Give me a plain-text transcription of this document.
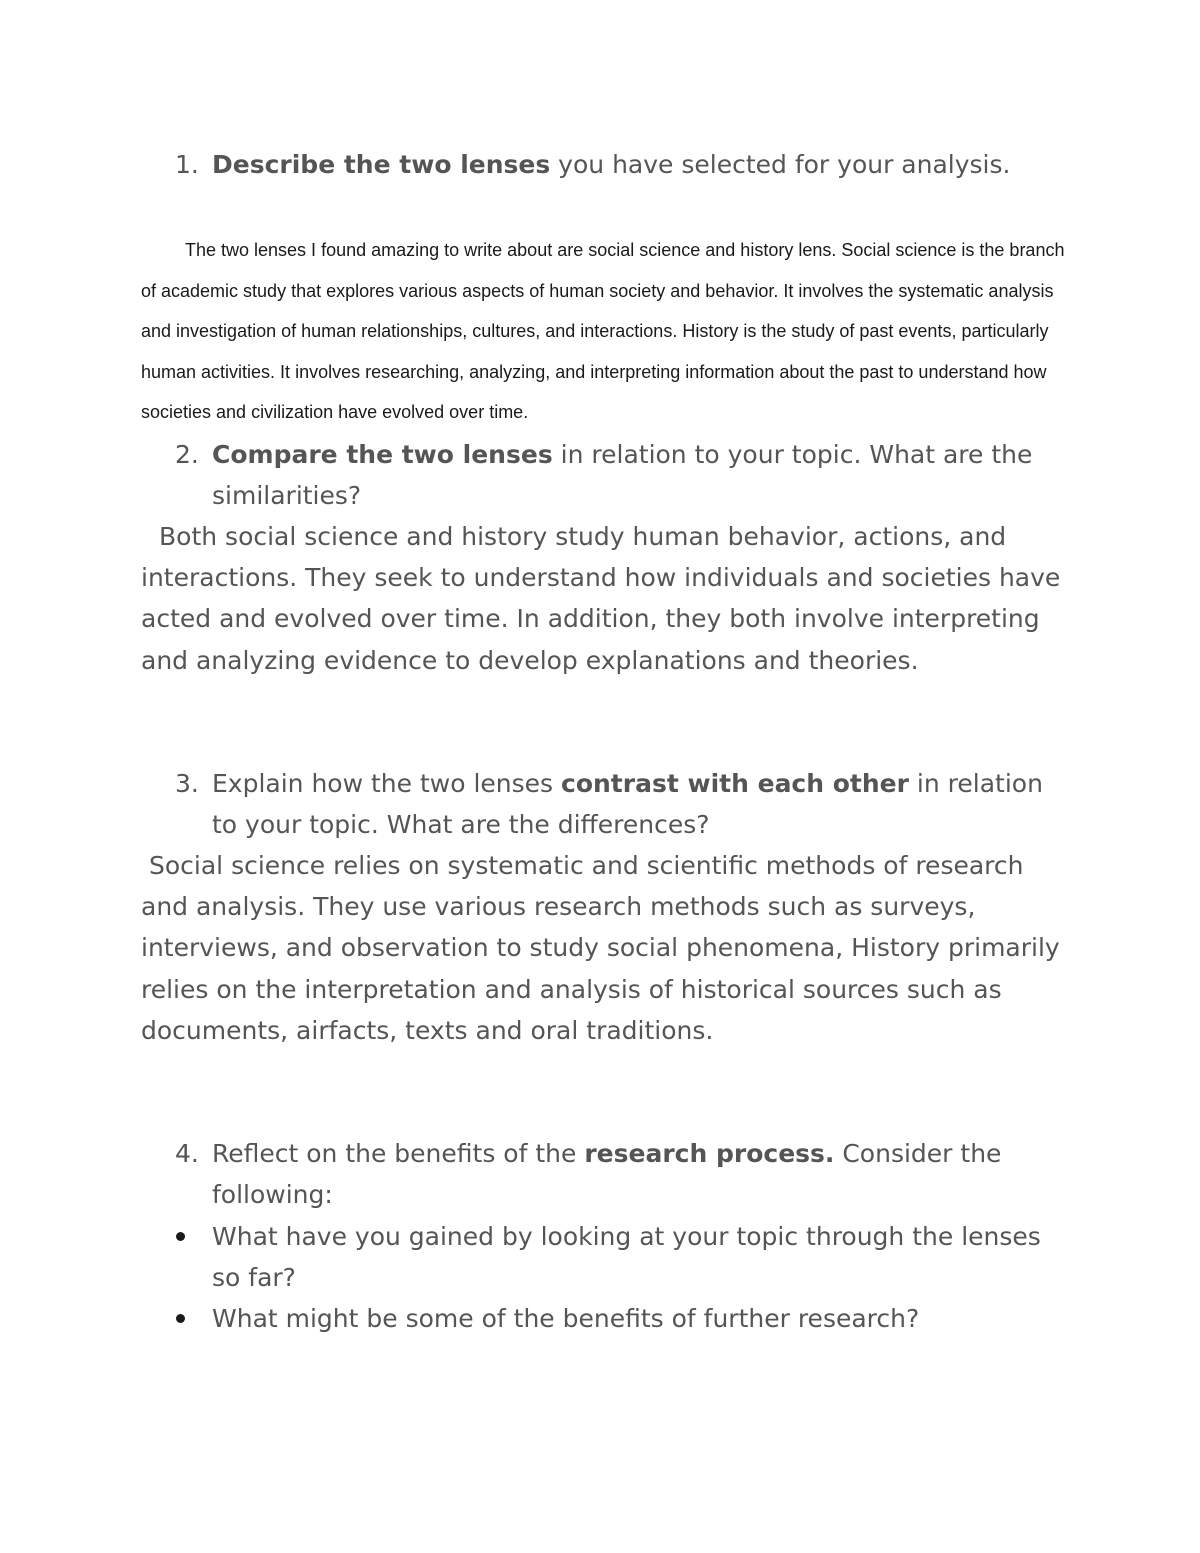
1. Describe the two lenses you have selected for your analysis.
The two lenses I found amazing to write about are social science and history lens. Social science is the branch of academic study that explores various aspects of human society and behavior. It involves the systematic analysis and investigation of human relationships, cultures, and interactions. History is the study of past events, particularly human activities. It involves researching, analyzing, and interpreting information about the past to understand how societies and civilization have evolved over time.
2. Compare the two lenses in relation to your topic. What are the similarities?
Both social science and history study human behavior, actions, and interactions. They seek to understand how individuals and societies have acted and evolved over time. In addition, they both involve interpreting and analyzing evidence to develop explanations and theories.
3. Explain how the two lenses contrast with each other in relation to your topic. What are the differences?
Social science relies on systematic and scientific methods of research and analysis. They use various research methods such as surveys, interviews, and observation to study social phenomena, History primarily relies on the interpretation and analysis of historical sources such as documents, airfacts, texts and oral traditions.
4. Reflect on the benefits of the research process. Consider the following:
What have you gained by looking at your topic through the lenses so far?
What might be some of the benefits of further research?
